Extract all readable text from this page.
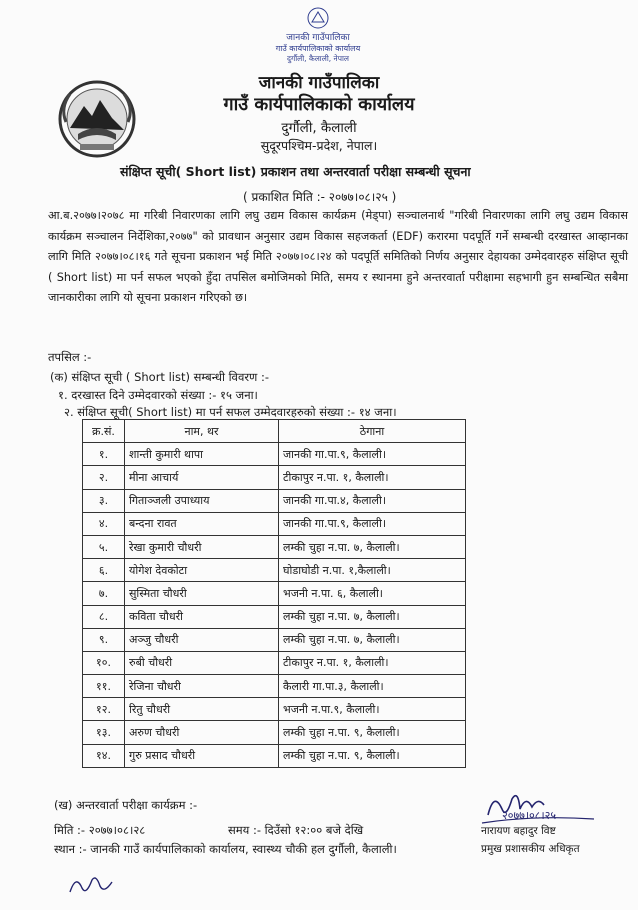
जानकी गाउँपालिका
गाउँ कार्यपालिकाको कार्यालय
दुर्गौली, कैलाली, नेपाल
जानकी गाउँपालिका
गाउँ कार्यपालिकाको कार्यालय
दुर्गौली, कैलाली
सुदूरपश्चिम-प्रदेश, नेपाल।
संक्षिप्त सूची( Short list) प्रकाशन तथा अन्तरवार्ता परीक्षा सम्बन्धी सूचना
( प्रकाशित मिति :- २०७७।०८।२५ )

आ.ब.२०७७।२०७८ मा गरिबी निवारणका लागि लघु उद्यम विकास कार्यक्रम (मेड्पा) सञ्चालनार्थ "गरिबी निवारणका लागि लघु उद्यम विकास कार्यक्रम सञ्चालन निर्देशिका,२०७७" को प्रावधान अनुसार उद्यम विकास सहजकर्ता (EDF) करारमा पदपूर्ति गर्ने सम्बन्धी दरखास्त आव्हानका लागि मिति २०७७।०८।१६ गते सूचना प्रकाशन भई मिति २०७७।०८।२४ को पदपूर्ति समितिको निर्णय अनुसार देहायका उम्मेदवारहरु संक्षिप्त सूची ( Short list) मा पर्न सफल भएको हुँदा तपसिल बमोजिमको मिति, समय र स्थानमा हुने अन्तरवार्ता परीक्षामा सहभागी हुन सम्बन्धित सबैमा जानकारीका लागि यो सूचना प्रकाशन गरिएको छ।

तपसिल :-
(क) संक्षिप्त सूची ( Short list) सम्बन्धी विवरण :-
१. दरखास्त दिने उम्मेदवारको संख्या :- १५ जना।
२. संक्षिप्त सूची( Short list) मा पर्न सफल उम्मेदवारहरुको संख्या :- १४ जना।
क्र.सं.	नाम, थर	ठेगाना
१.	शान्ती कुमारी थापा	जानकी गा.पा.९, कैलाली।
२.	मीना आचार्य	टीकापुर न.पा. १, कैलाली।
३.	गिताञ्जली उपाध्याय	जानकी गा.पा.४, कैलाली।
४.	बन्दना रावत	जानकी गा.पा.९, कैलाली।
५.	रेखा कुमारी चौधरी	लम्की चुहा न.पा. ७, कैलाली।
६.	योगेश देवकोटा	घोडाघोडी न.पा. १,कैलाली।
७.	सुस्मिता चौधरी	भजनी न.पा. ६, कैलाली।
८.	कविता चौधरी	लम्की चुहा न.पा. ७, कैलाली।
९.	अञ्जु चौधरी	लम्की चुहा न.पा. ७, कैलाली।
१०.	रुबी चौधरी	टीकापुर न.पा. १, कैलाली।
११.	रेजिना चौधरी	कैलारी गा.पा.३, कैलाली।
१२.	रितु चौधरी	भजनी न.पा.९, कैलाली।
१३.	अरुण चौधरी	लम्की चुहा न.पा. ९, कैलाली।
१४.	गुरु प्रसाद चौधरी	लम्की चुहा न.पा. ९, कैलाली।
(ख) अन्तरवार्ता परीक्षा कार्यक्रम :-
मिति :- २०७७।०८।२८	समय :- दिउँसो १२:०० बजे देखि
स्थान :- जानकी गाउँ कार्यपालिकाको कार्यालय, स्वास्थ्य चौकी हल दुर्गौली, कैलाली।
२०७७।०८।२५
नारायण बहादुर विष्ट
प्रमुख प्रशासकीय अधिकृत
